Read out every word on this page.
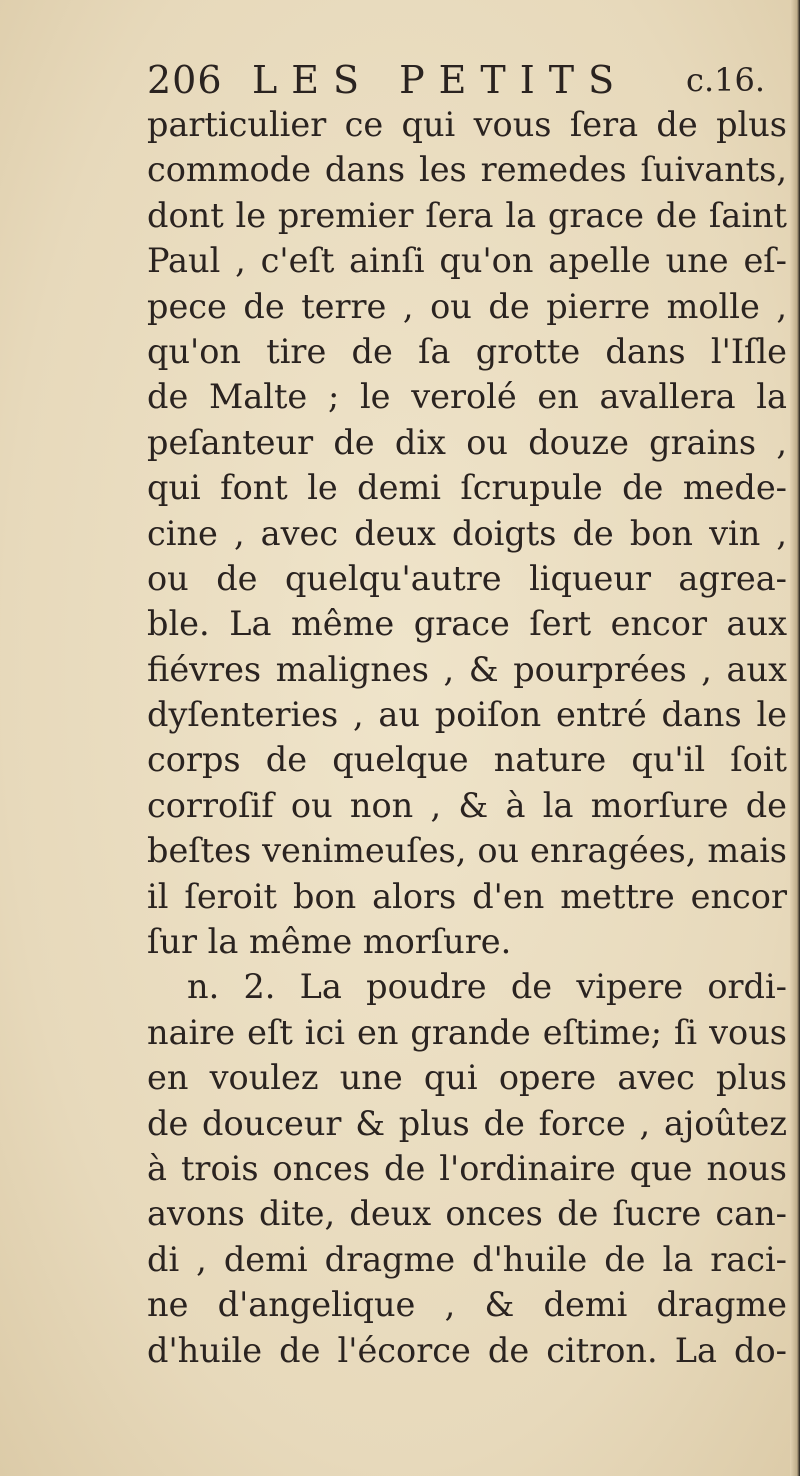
206 LES PETITS c.16.
particulier ce qui vous ſera de plus
commode dans les remedes ſuivants,
dont le premier ſera la grace de ſaint
Paul , c'eſt ainſi qu'on apelle une eſ-
pece de terre , ou de pierre molle ,
qu'on tire de ſa grotte dans l'Iſle
de Malte ; le verolé en avallera la
peſanteur de dix ou douze grains ,
qui font le demi ſcrupule de mede-
cine , avec deux doigts de bon vin ,
ou de quelqu'autre liqueur agrea-
ble. La même grace ſert encor aux
fiévres malignes , & pourprées , aux
dyſenteries , au poiſon entré dans le
corps de quelque nature qu'il ſoit
corroſif ou non , & à la morſure de
beſtes venimeuſes, ou enragées, mais
il ſeroit bon alors d'en mettre encor
ſur la même morſure.
n. 2. La poudre de vipere ordi-
naire eſt ici en grande eſtime; ſi vous
en voulez une qui opere avec plus
de douceur & plus de force , ajoûtez
à trois onces de l'ordinaire que nous
avons dite, deux onces de ſucre can-
di , demi dragme d'huile de la raci-
ne d'angelique , & demi dragme
d'huile de l'écorce de citron. La do-
